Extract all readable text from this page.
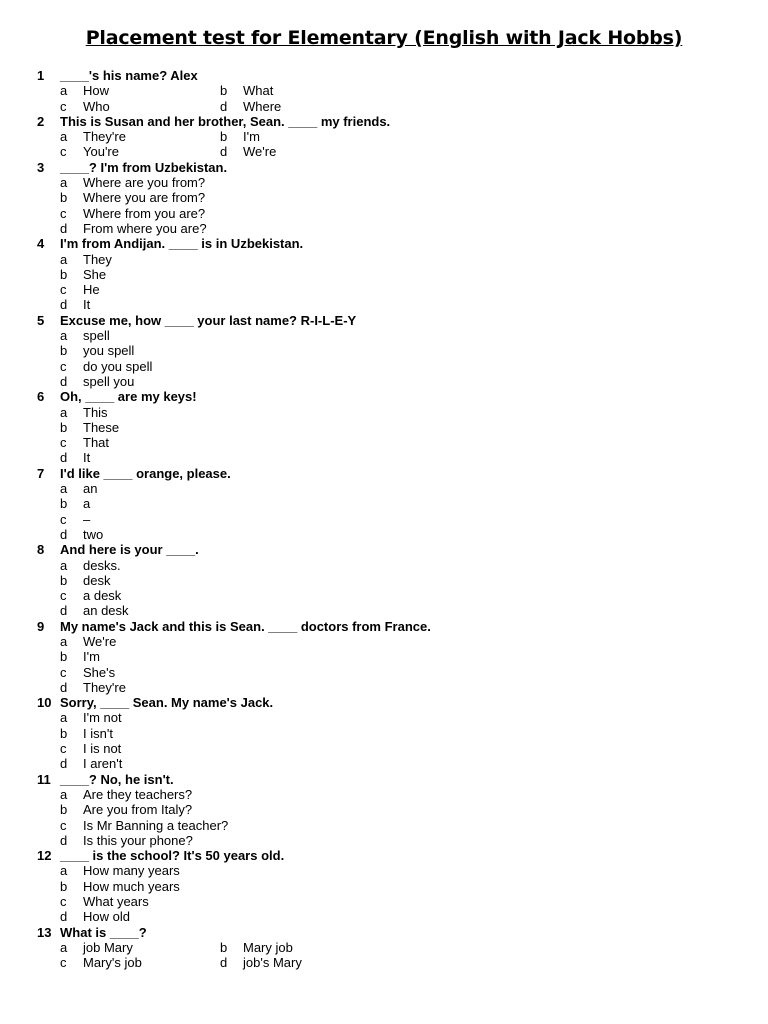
Placement test for Elementary (English with Jack Hobbs)
1 ____'s his name? Alex
a How	b What
c Who	d Where
2 This is Susan and her brother, Sean. ____ my friends.
a They're	b I'm
c You're	d We're
3 ____? I'm from Uzbekistan.
a Where are you from?
b Where you are from?
c Where from you are?
d From where you are?
4 I'm from Andijan. ____ is in Uzbekistan.
a They
b She
c He
d It
5 Excuse me, how ____ your last name? R-I-L-E-Y
a spell
b you spell
c do you spell
d spell you
6 Oh, ____ are my keys!
a This
b These
c That
d It
7 I'd like ____ orange, please.
a an
b a
c –
d two
8 And here is your ____.
a desks.
b desk
c a desk
d an desk
9 My name's Jack and this is Sean. ____ doctors from France.
a We're
b I'm
c She's
d They're
10 Sorry, ____ Sean. My name's Jack.
a I'm not
b I isn't
c I is not
d I aren't
11 ____? No, he isn't.
a Are they teachers?
b Are you from Italy?
c Is Mr Banning a teacher?
d Is this your phone?
12 ____ is the school? It's 50 years old.
a How many years
b How much years
c What years
d How old
13 What is ____?
a job Mary	b Mary job
c Mary's job	d job's Mary
